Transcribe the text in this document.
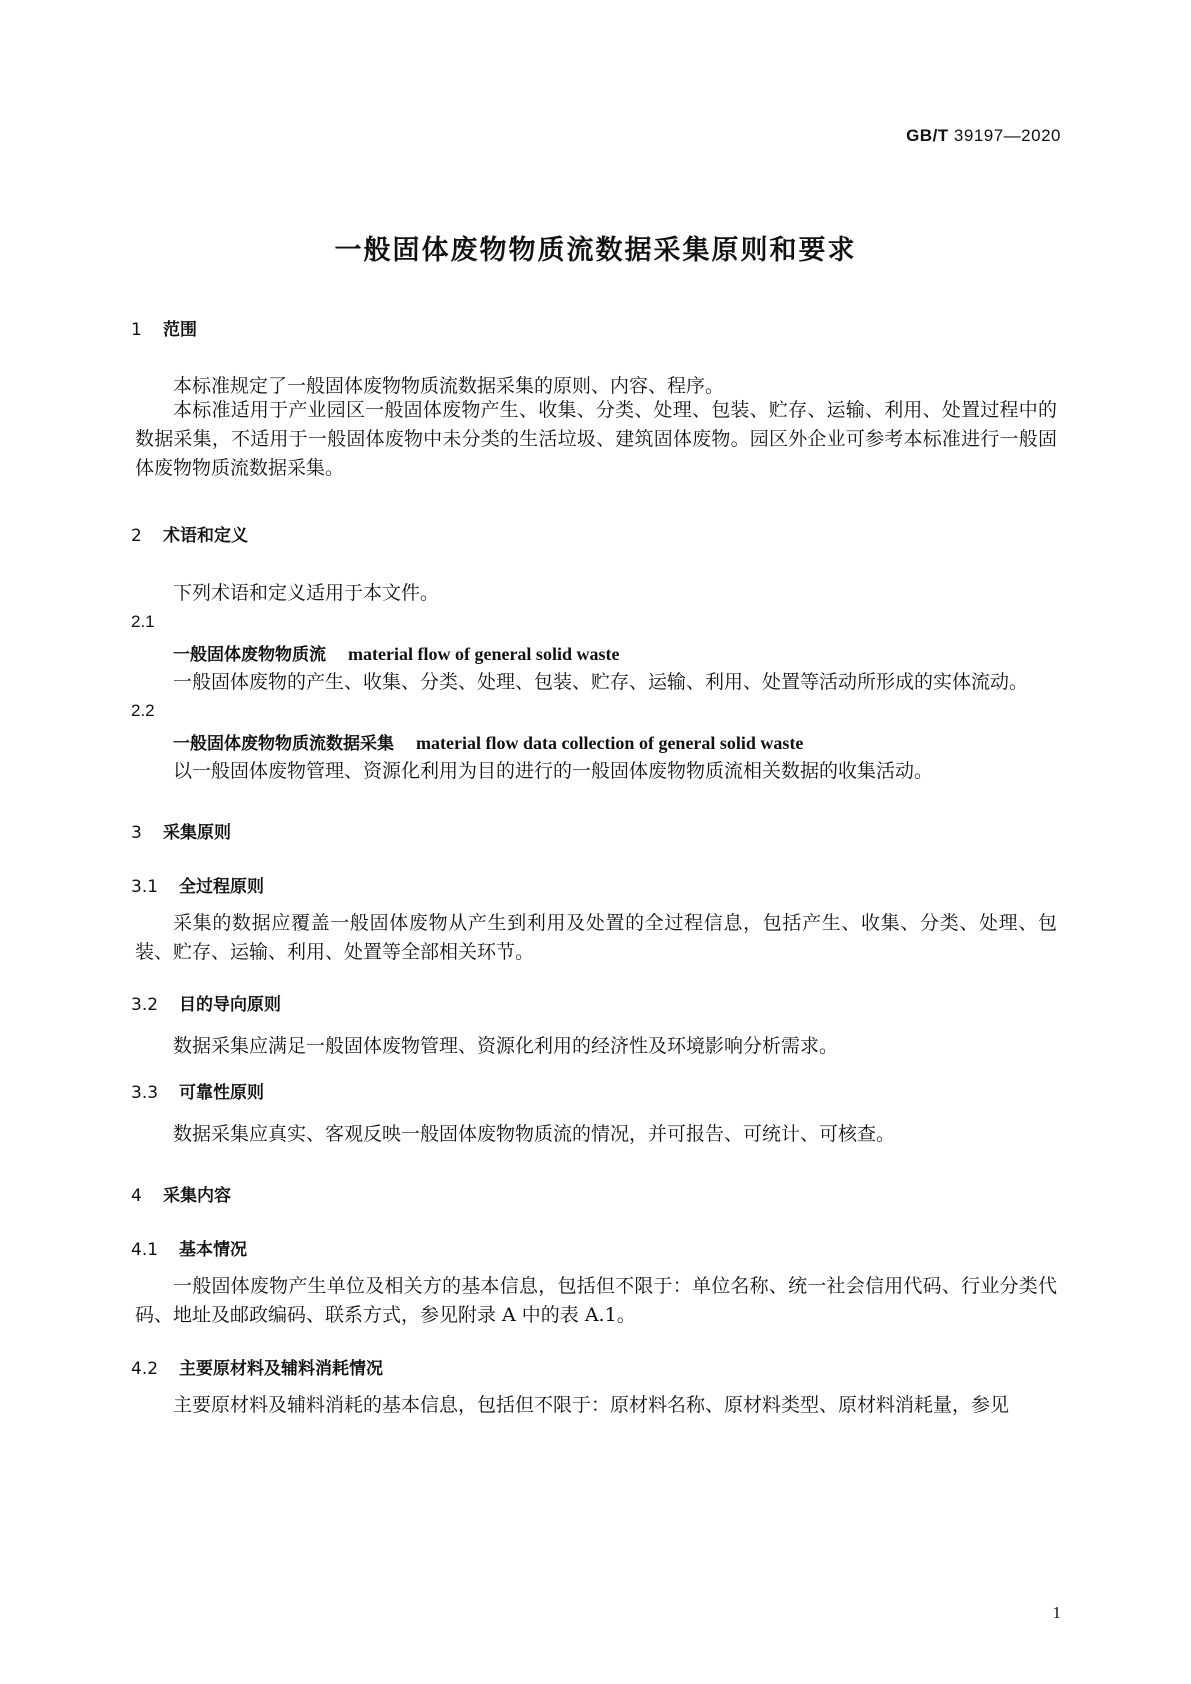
GB/T 39197—2020
一般固体废物物质流数据采集原则和要求
1 范围
本标准规定了一般固体废物物质流数据采集的原则、内容、程序。
本标准适用于产业园区一般固体废物产生、收集、分类、处理、包装、贮存、运输、利用、处置过程中的数据采集，不适用于一般固体废物中未分类的生活垃圾、建筑固体废物。园区外企业可参考本标准进行一般固体废物物质流数据采集。
2 术语和定义
下列术语和定义适用于本文件。
2.1
一般固体废物物质流 material flow of general solid waste
一般固体废物的产生、收集、分类、处理、包装、贮存、运输、利用、处置等活动所形成的实体流动。
2.2
一般固体废物物质流数据采集 material flow data collection of general solid waste
以一般固体废物管理、资源化利用为目的进行的一般固体废物物质流相关数据的收集活动。
3 采集原则
3.1 全过程原则
采集的数据应覆盖一般固体废物从产生到利用及处置的全过程信息，包括产生、收集、分类、处理、包装、贮存、运输、利用、处置等全部相关环节。
3.2 目的导向原则
数据采集应满足一般固体废物管理、资源化利用的经济性及环境影响分析需求。
3.3 可靠性原则
数据采集应真实、客观反映一般固体废物物质流的情况，并可报告、可统计、可核查。
4 采集内容
4.1 基本情况
一般固体废物产生单位及相关方的基本信息，包括但不限于：单位名称、统一社会信用代码、行业分类代码、地址及邮政编码、联系方式，参见附录 A 中的表 A.1。
4.2 主要原材料及辅料消耗情况
主要原材料及辅料消耗的基本信息，包括但不限于：原材料名称、原材料类型、原材料消耗量，参见
1
